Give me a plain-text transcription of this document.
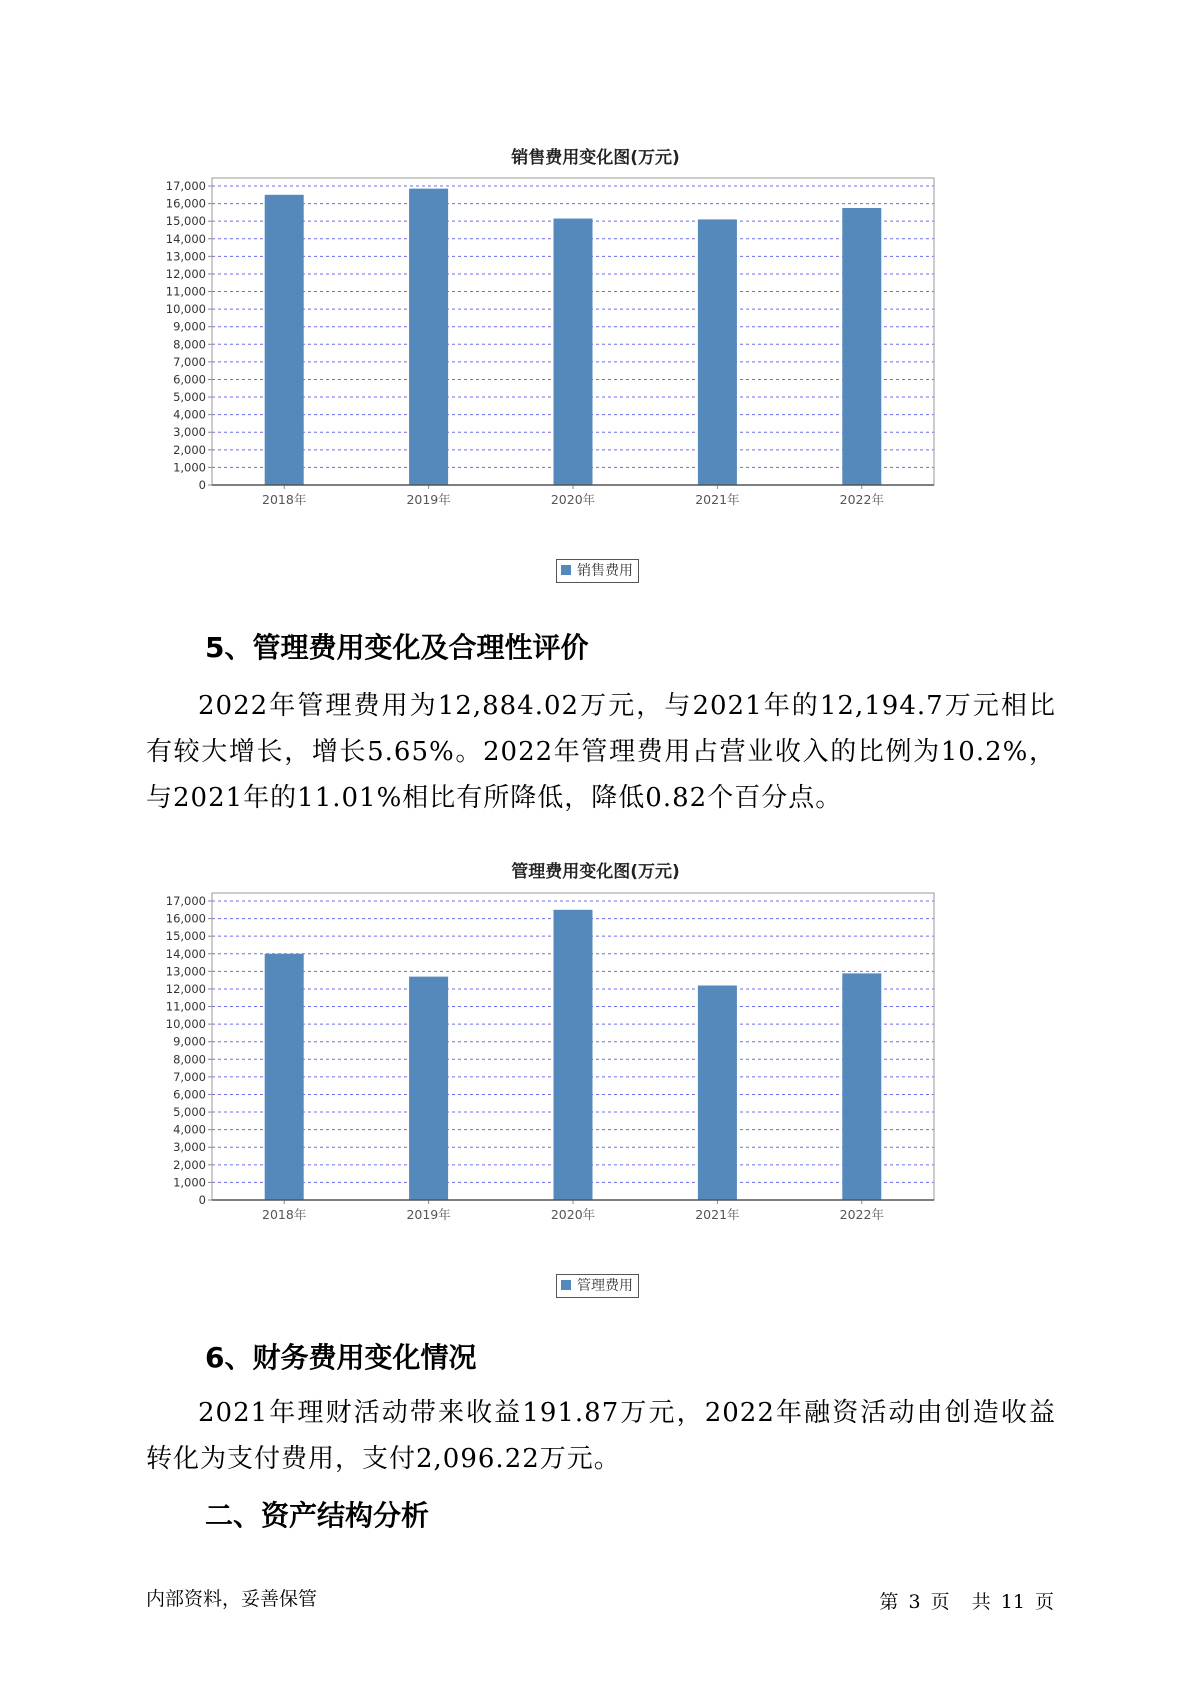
销售费用变化图(万元)
0
1,000
2,000
3,000
4,000
5,000
6,000
7,000
8,000
9,000
10,000
11,000
12,000
13,000
14,000
15,000
16,000
17,000
2018年	2019年	2020年	2021年	2022年
销售费用
5、管理费用变化及合理性评价

2022年管理费用为12,884.02万元，与2021年的12,194.7万元相比有较大增长，增长5.65%。2022年管理费用占营业收入的比例为10.2%，与2021年的11.01%相比有所降低，降低0.82个百分点。

管理费用变化图(万元)
0
1,000
2,000
3,000
4,000
5,000
6,000
7,000
8,000
9,000
10,000
11,000
12,000
13,000
14,000
15,000
16,000
17,000
2018年	2019年	2020年	2021年	2022年
管理费用
6、财务费用变化情况

2021年理财活动带来收益191.87万元，2022年融资活动由创造收益转化为支付费用，支付2,096.22万元。

二、资产结构分析
内部资料，妥善保管	第 3 页 共 11 页
